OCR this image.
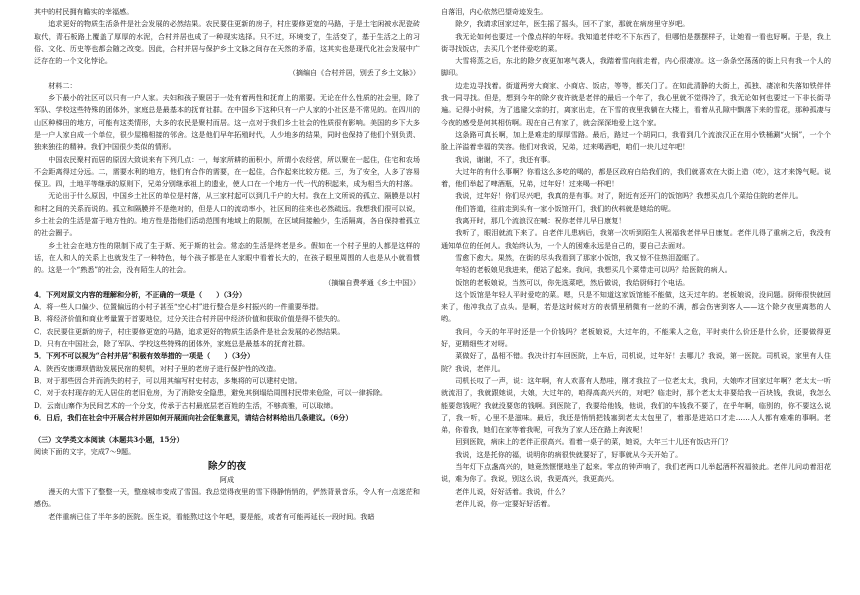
其中的村民拥有瞻实的幸福感。

追求更好的物质生活条件是社会发展的必然结果。农民要住更新的房子，村庄要修更宽的马路，于是土宅闲被水泥瓷砖取代，青石板路上覆盖了厚厚的水泥，合村并居也成了一种现实选择。只不过，环境变了，生活变了，基于生活之上的习俗、文化、历史等也都会随之改变。因此，合村并居与保护乡土文脉之间存在天然的矛盾，这其实也是现代化社会发展中广泛存在的一个文化悖论。

（摘编自《合村并居，别丢了乡土文脉》）

材料二：

乡下最小的社区可以只有一户人家。夫妇和孩子聚居于一处有着两性和抚育上的需要。无论在什么性质的社会里，除了军队、学校这些特殊的团体外，家庭总是最基本的抚育社群。在中国乡下这种只有一户人家的小社区是不常见的。在四川的山区种梯田的地方，可能有这类情形，大多的农民是聚村而居。这一点对于我们乡土社会的性质很有影响。美国的乡下大多是一户人家自成一个单位，很少屋檐相接的邻舍。这是他们早年拓殖时代，人少地多的结果，同时也保持了他们个别负责、独来独往的精神。我们中国很少类似的情形。

中国农民聚村而居的原因大致说来有下列几点：一，每家所耕的面积小，所谓小农经营，所以聚在一起住，住宅和农场不会距离得过分远。二，需要水利的地方，他们有合作的需要，在一起住，合作起来比较方便。三，为了安全，人多了容易保卫。四，土地平等继承的原则下，兄弟分别继承祖上的遗业，使人口在一个地方一代一代的积起来，成为相当大的村落。

无论出于什么原因，中国乡土社区的单位是村落，从三家村起可以到几千户的大村。我在上文所说的孤立、隔膜是以村和村之间的关系而说的。孤立和隔膜并不是绝对的，但是人口的流动率小，社区间的往来也必然疏远。我想我们很可以说，乡土社会的生活是富于地方性的。地方性是指他们活动范围有地域上的限制，在区域间接触少，生活隔离，各自保持着孤立的社会圈子。

乡土社会在地方性的限制下成了生于斯、死于斯的社会。常态的生活是终老是乡。假如在一个村子里的人都是这样的话，在人和人的关系上也就发生了一种特色，每个孩子都是在人家眼中看着长大的，在孩子眼里周围的人也是从小就看惯的。这是一个“熟悉”的社会，没有陌生人的社会。

（摘编自费孝通《乡土中国》）

4．下列对原文内容的理解和分析，不正确的一项是（　　）（3分）

A．将一些人口偏少、位置偏远的小村子甚至“空心村”进行整合是乡村振兴的一件重要举措。

B．将经济价值和商业考量置于首要地位，过分关注合村并居中经济价值和获取价值是得不偿失的。

C．农民要住更新的房子，村庄要修更宽的马路，追求更好的物质生活条件是社会发展的必然结果。

D．只有在中国社会，除了军队、学校这些特殊的团体外，家庭总是最基本的抚育社群。

5．下列不可以视为“合村并居”积极有效举措的一项是（　　）（3分）

A．陕西安康谭坝借助发展民宿的契机，对村子里的老房子进行保护性的改造。

B．对于那些因合并而消失的村子，可以用其编写村史村志，多集将的可以建村史馆。

C．对于农村现存的无人居住的老旧危房，为了消除安全隐患，避免其倒塌给周围村民带来危险，可以一律拆除。

D．云南山寨作为民间艺术的一个分支，传承于古村最底层老百姓的生活，不够高雅，可以取缔。

6．日后，我们在社会中开展合村并居如何开展面向社会征集意见，请结合材料给出几条建议。（6分）

（三）文学类文本阅读（本题共3小题，15分）

阅读下面的文字，完成7～9题。

除夕的夜

阿成

漫天的大雪下了整整一天，整座城市变成了雪国。我总觉得夜里的雪下得静悄悄的，俨然背景音乐，令人有一点迷茫和感伤。

老伴重病已住了半年多的医院。医生说，看能熬过这个年吧，要是能，或者有可能再延长一段时间。我暗

自落泪，内心依然巴望奇迹发生。

除夕，我请求回家过年，医生摇了摇头，回不了家，那就在病房里守岁吧。

我无论如何也要过一个像点样的年呀。我知道老伴吃不下东西了，但哪怕是摆摆样子，让她看一看也好啊。于是，我上街寻找饭店，去买几个老伴爱吃的菜。

大雪将蒸之后，东北的除夕夜更加寒气袭人，我踏着雪向前走着，内心很凄凉。这一条条空荡荡的街上只有我一个人的脚印。

边走边寻找着。街道两旁大商家、小商店、饭店，等等，都关门了。在如此清静的大街上，孤独、凄凉和失落如铁伴伴我一同寻找。但是，想到今年的除夕夜许就是老伴的最后一个年了，我心里就不觉得冷了，我无论如何也要过一下非长街寻遍。记得小时候，为了逃避父亲的打，离家出走，在下雪的夜里我躺在大楼上，看着从孔隙中飘落下来的雪花，那种孤凄与今夜的感受是何其相仿啊。现在自己有家了，就会深深地爱上这个家。

这条路可真长啊，加上是难走的厚厚雪路。最后，路过一个胡同口，我看到几个流浪汉正在用小铁桶涮“火锅”，一个个脸上洋溢着幸福的笑容。他们对我说，兄弟，过来喝酒吧，咱们一块儿过年吧！

我说，谢谢，不了，我还有事。

大过年的有什么事啊？你看这么多吃的喝的，都是区政府白给我们的，我们就喜欢在大街上造（吃），这才来馋气呢。说着，他们举起了啤酒瓶，兄弟，过年好！过来喝一杯吧！

我说，过年好！你们尽兴吧，我真的是有事。对了，附近有还开门的饭馆吗？我想买点几个菜给住院的老伴儿。

他们答道，往前走到头有一家小饭馆开门，我们的伙料就是她给的呢。

我离开时，那几个流浪汉在喊：祝你老伴儿早日康复！

我听了，眼泪就流下来了。自老伴儿患病后，我第一次听到陌生人祝福我老伴早日康复。老伴儿得了重病之后，我没有通知单位的任何人。我始终认为，一个人的困难永远是自己的，要自己去面对。

雪愈下愈大。果然，在街的尽头我看到了那家小饭馆，我又惊不住热泪盈眶了。

年轻的老板娘见我进来，便站了起来。我问，我想买几个菜带走可以吗？给医院的病人。

饭馆的老板娘说，当然可以，你先选菜吧，然后做说，我给厨师打个电话。

这个饭馆是年轻人平时爱吃的菜。嗯，只是不知道这家饭馆能不能做，这天过年的。老板娘说，没问题。厨师很快就回来了，他冲我点了点头。是啊，若是这时候对方的表情里稍微有一丝的不满，都会伤害到客人——这个除夕夜里离愁的人哟。

我问，今天的年平时还是一个价钱吗？老板娘说，大过年的，不能乘人之危，平时卖什么价还是什么价，还要做得更好，更精细些才对呀。

菜做好了，晶相不错。我决计打车回医院，上车后，司机说，过年好！去哪儿？我说，第一医院。司机说，家里有人住院？我说，老伴儿。

司机长叹了一声，说：这年啊，有人欢喜有人愁哇，刚才我拉了一位老太太，我问，大娘咋才回家过年啊？老太太一听就流泪了，我就跟她说，大娘，大过年的，咱得高高兴兴的，对吧？临走时，那个老太太非要给我一百块钱，我说，我怎么能要您钱呢？我就没要您的钱啊。到医院了，我要给他钱，他说，我们的车钱我不要了，在乎年啊，临别的，你不要这么说了，我一听，心里不是滋味。最后，我还是悄悄把钱塞到老太太包里了，着那是进站口才走……人人都有难难的事啊。老弟，你看我，她们在家等着我呢，可我为了家人还在路上奔波呢！

回到医院，病床上的老伴正很高兴。看着一桌子的菜，她说，大年三十儿还有饭店开门？

我说，这是托你的福，说明你的病很快就要好了，好事就从今天开始了。

当年灯下点盏高兴的，她竟然惬惬地坐了起来。零点的钟声响了，我们老两口儿举起酒杯祝福彼此。老伴儿问动着泪花说，难为你了。我说，别这么说，我更高兴，我更高兴。

老伴儿说，好好活着。我说，什么？

老伴儿说，你一定要好好活着。
